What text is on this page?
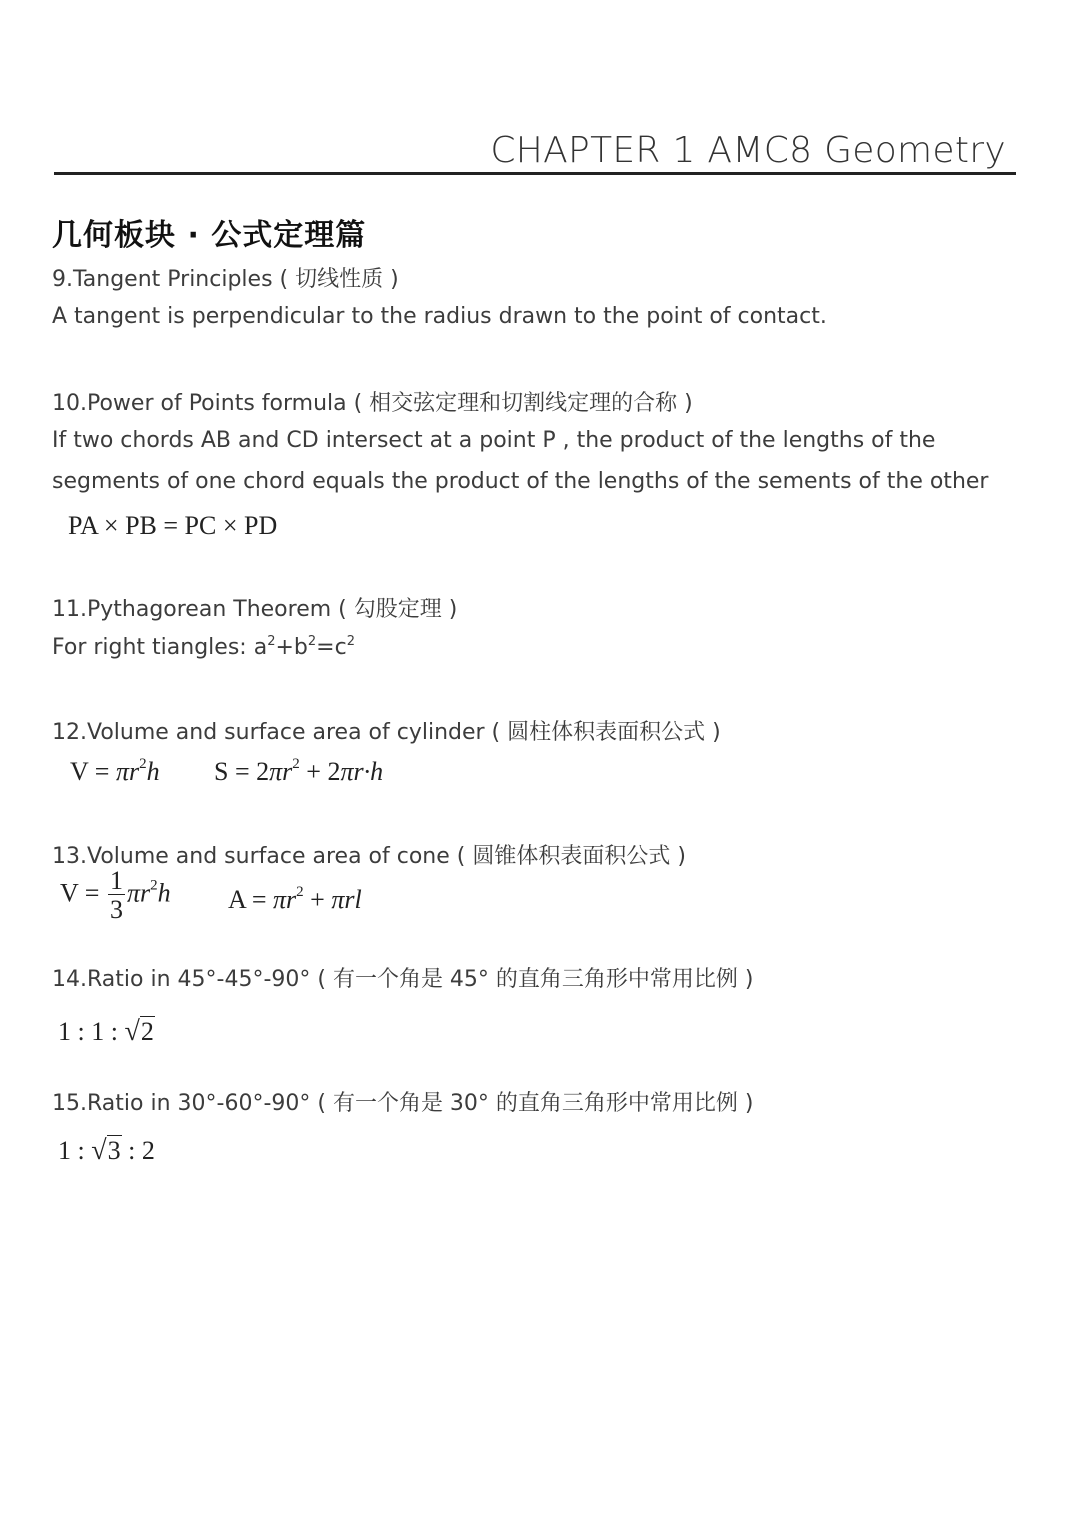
CHAPTER 1 AMC8 Geometry
几何板块 · 公式定理篇
9.Tangent Principles ( 切线性质 )
A tangent is perpendicular to the radius drawn to the point of contact.
10.Power of Points formula ( 相交弦定理和切割线定理的合称 )
If two chords AB and CD intersect at a point P , the product of the lengths of the
segments of one chord equals the product of the lengths of the sements of the other
PA × PB = PC × PD
11.Pythagorean Theorem ( 勾股定理 )
For right tiangles: $a^2+b^2=c^2$
12.Volume and surface area of cylinder ( 圆柱体积表面积公式 )
$V = \pi r^2h$ $S = 2\pi r^2 + 2\pi r\cdot h$
13.Volume and surface area of cone ( 圆锥体积表面积公式 )
$V = \frac{1}{3} \pi r^2h$ $A = \pi r^2 + \pi rl$
14.Ratio in 45°-45°-90° ( 有一个角是 45° 的直角三角形中常用比例 )
1 : 1 : √2
15.Ratio in 30°-60°-90° ( 有一个角是 30° 的直角三角形中常用比例 )
1 : √3 : 2
